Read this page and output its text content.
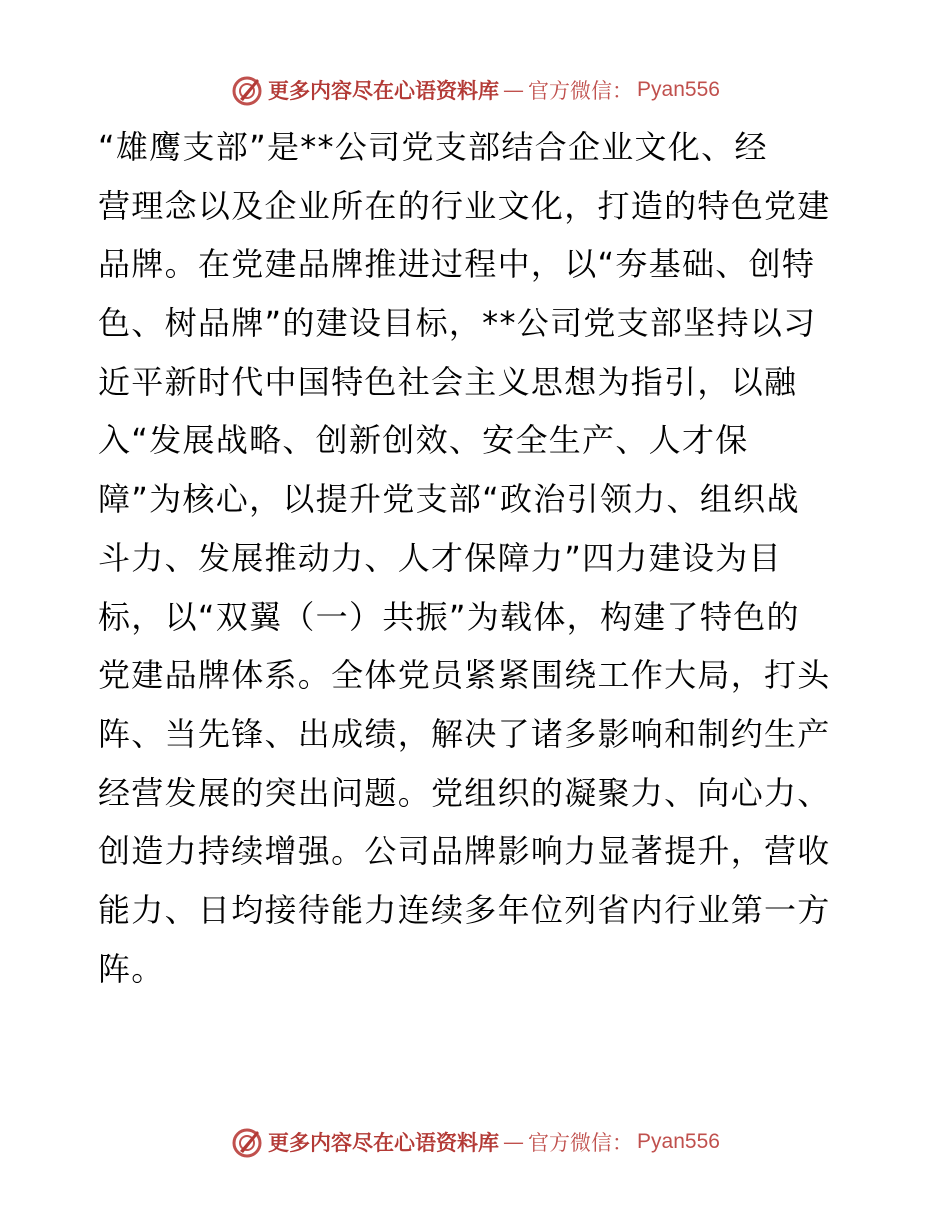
更多内容尽在心语资料库 — 官方微信： Pyan556
“雄鹰支部”是**公司党支部结合企业文化、经
营理念以及企业所在的行业文化，打造的特色党建
品牌。在党建品牌推进过程中，以“夯基础、创特
色、树品牌”的建设目标，**公司党支部坚持以习
近平新时代中国特色社会主义思想为指引，以融
入“发展战略、创新创效、安全生产、人才保
障”为核心，以提升党支部“政治引领力、组织战
斗力、发展推动力、人才保障力”四力建设为目
标，以“双翼（一）共振”为载体，构建了特色的
党建品牌体系。全体党员紧紧围绕工作大局，打头
阵、当先锋、出成绩，解决了诸多影响和制约生产
经营发展的突出问题。党组织的凝聚力、向心力、
创造力持续增强。公司品牌影响力显著提升，营收
能力、日均接待能力连续多年位列省内行业第一方
阵。
更多内容尽在心语资料库 — 官方微信： Pyan556
